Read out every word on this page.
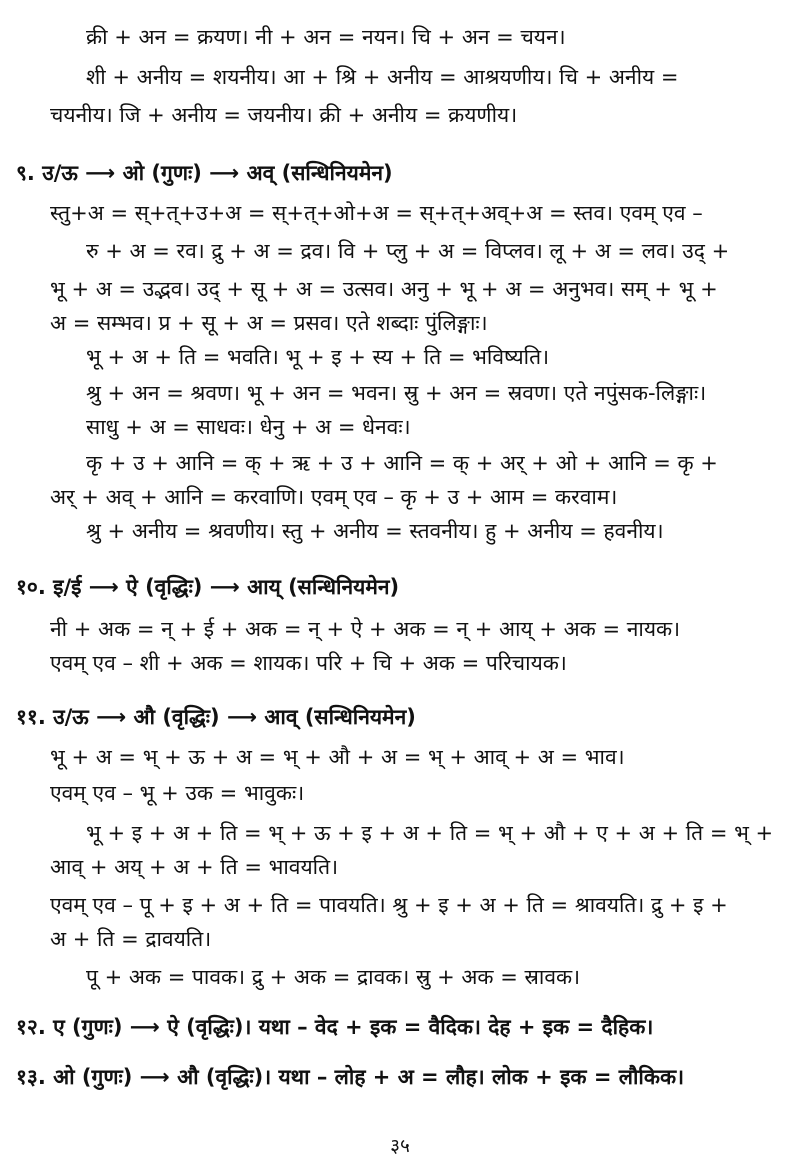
क्री + अन = क्रयण। नी + अन = नयन। चि + अन = चयन।
शी + अनीय = शयनीय। आ + श्रि + अनीय = आश्रयणीय। चि + अनीय =
चयनीय। जि + अनीय = जयनीय। क्री + अनीय = क्रयणीय।
९. उ/ऊ ⟶ ओ (गुणः) ⟶ अव् (सन्धिनियमेन)
स्तु+अ = स्+त्+उ+अ = स्+त्+ओ+अ = स्+त्+अव्+अ = स्तव। एवम् एव –
रु + अ = रव। द्रु + अ = द्रव। वि + प्लु + अ = विप्लव। लू + अ = लव। उद् +
भू + अ = उद्भव। उद् + सू + अ = उत्सव। अनु + भू + अ = अनुभव। सम् + भू +
अ = सम्भव। प्र + सू + अ = प्रसव। एते शब्दाः पुंलिङ्गाः।
भू + अ + ति = भवति। भू + इ + स्य + ति = भविष्यति।
श्रु + अन = श्रवण। भू + अन = भवन। स्रु + अन = स्रवण। एते नपुंसक-लिङ्गाः।
साधु + अ = साधवः। धेनु + अ = धेनवः।
कृ + उ + आनि = क् + ऋ + उ + आनि = क् + अर् + ओ + आनि = कृ +
अर् + अव् + आनि = करवाणि। एवम् एव – कृ + उ + आम = करवाम।
श्रु + अनीय = श्रवणीय। स्तु + अनीय = स्तवनीय। हु + अनीय = हवनीय।
१०. इ/ई ⟶ ऐ (वृद्धिः) ⟶ आय् (सन्धिनियमेन)
नी + अक = न् + ई + अक = न् + ऐ + अक = न् + आय् + अक = नायक।
एवम् एव – शी + अक = शायक। परि + चि + अक = परिचायक।
११. उ/ऊ ⟶ औ (वृद्धिः) ⟶ आव् (सन्धिनियमेन)
भू + अ = भ् + ऊ + अ = भ् + औ + अ = भ् + आव् + अ = भाव।
एवम् एव – भू + उक = भावुकः।
भू + इ + अ + ति = भ् + ऊ + इ + अ + ति = भ् + औ + ए + अ + ति = भ् +
आव् + अय् + अ + ति = भावयति।
एवम् एव – पू + इ + अ + ति = पावयति। श्रु + इ + अ + ति = श्रावयति। द्रु + इ +
अ + ति = द्रावयति।
पू + अक = पावक। द्रु + अक = द्रावक। स्रु + अक = स्रावक।
१२. ए (गुणः) ⟶ ऐ (वृद्धिः)। यथा – वेद + इक = वैदिक। देह + इक = दैहिक।
१३. ओ (गुणः) ⟶ औ (वृद्धिः)। यथा – लोह + अ = लौह। लोक + इक = लौकिक।
३५
